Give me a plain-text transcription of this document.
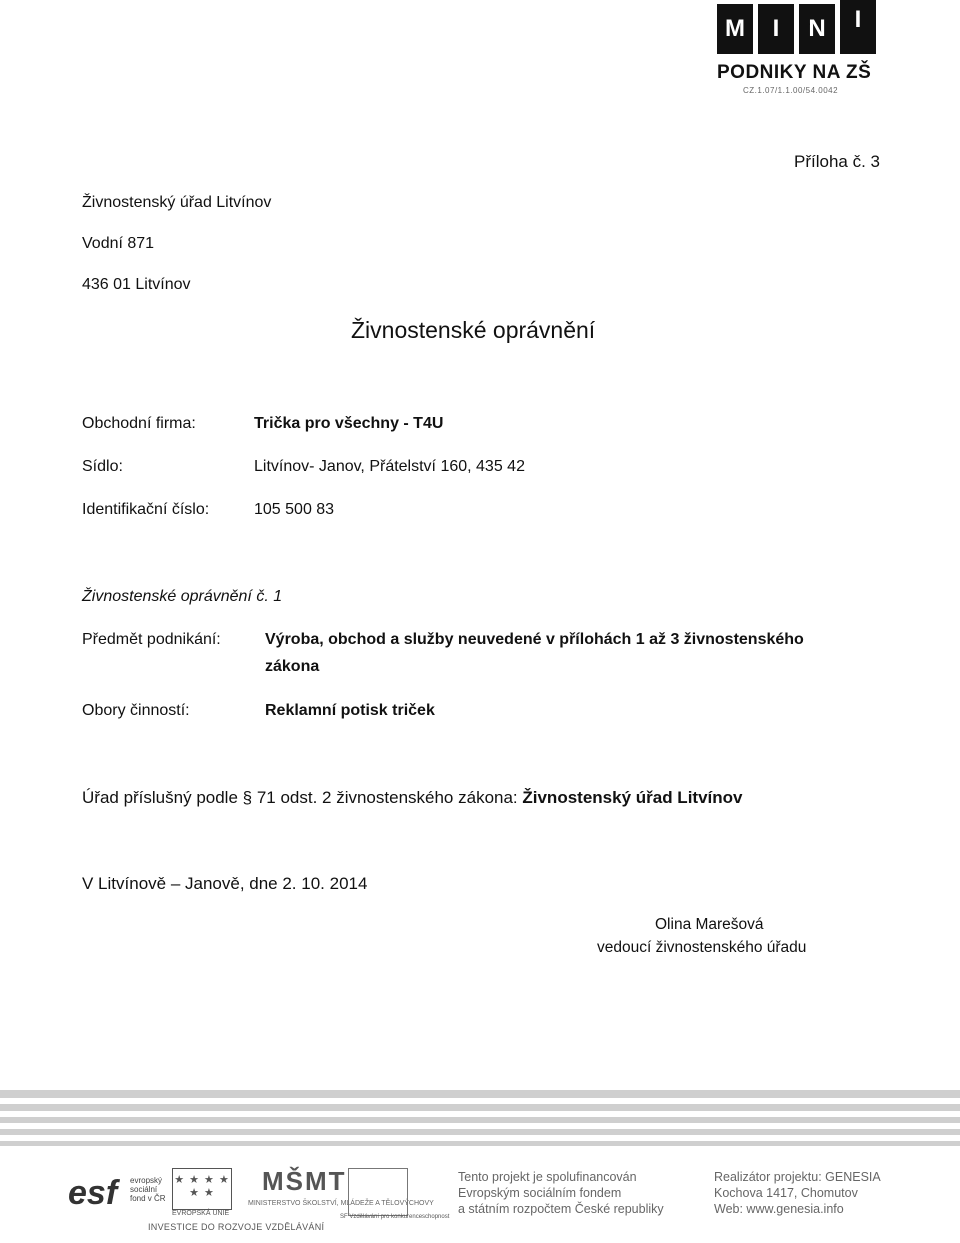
M	I	N	I
PODNIKY NA ZŠ
CZ.1.07/1.1.00/54.0042
Příloha č. 3
Živnostenský úřad Litvínov
Vodní 871
436 01 Litvínov
Živnostenské oprávnění
Obchodní firma:	Trička pro všechny - T4U
Sídlo:	Litvínov- Janov, Přátelství 160, 435 42
Identifikační číslo:	105 500 83
Živnostenské oprávnění č. 1
Předmět podnikání:	Výroba, obchod a služby neuvedené v přílohách 1 až 3 živnostenského
zákona
Obory činností:	Reklamní potisk triček
Úřad příslušný podle § 71 odst. 2 živnostenského zákona: Živnostenský úřad Litvínov
V Litvínově – Janově, dne 2. 10. 2014
Olina Marešová
vedoucí živnostenského úřadu
esf	evropský sociální fond v ČR
★ ★ ★ ★ ★ ★
EVROPSKÁ UNIE
MŠMT
MINISTERSTVO ŠKOLSTVÍ, MLÁDEŽE A TĚLOVÝCHOVY
SF Vzdělávání pro konkurenceschopnost
INVESTICE DO ROZVOJE VZDĚLÁVÁNÍ
Tento projekt je spolufinancován
Evropským sociálním fondem
a státním rozpočtem České republiky
Realizátor projektu: GENESIA
Kochova 1417, Chomutov
Web: www.genesia.info
